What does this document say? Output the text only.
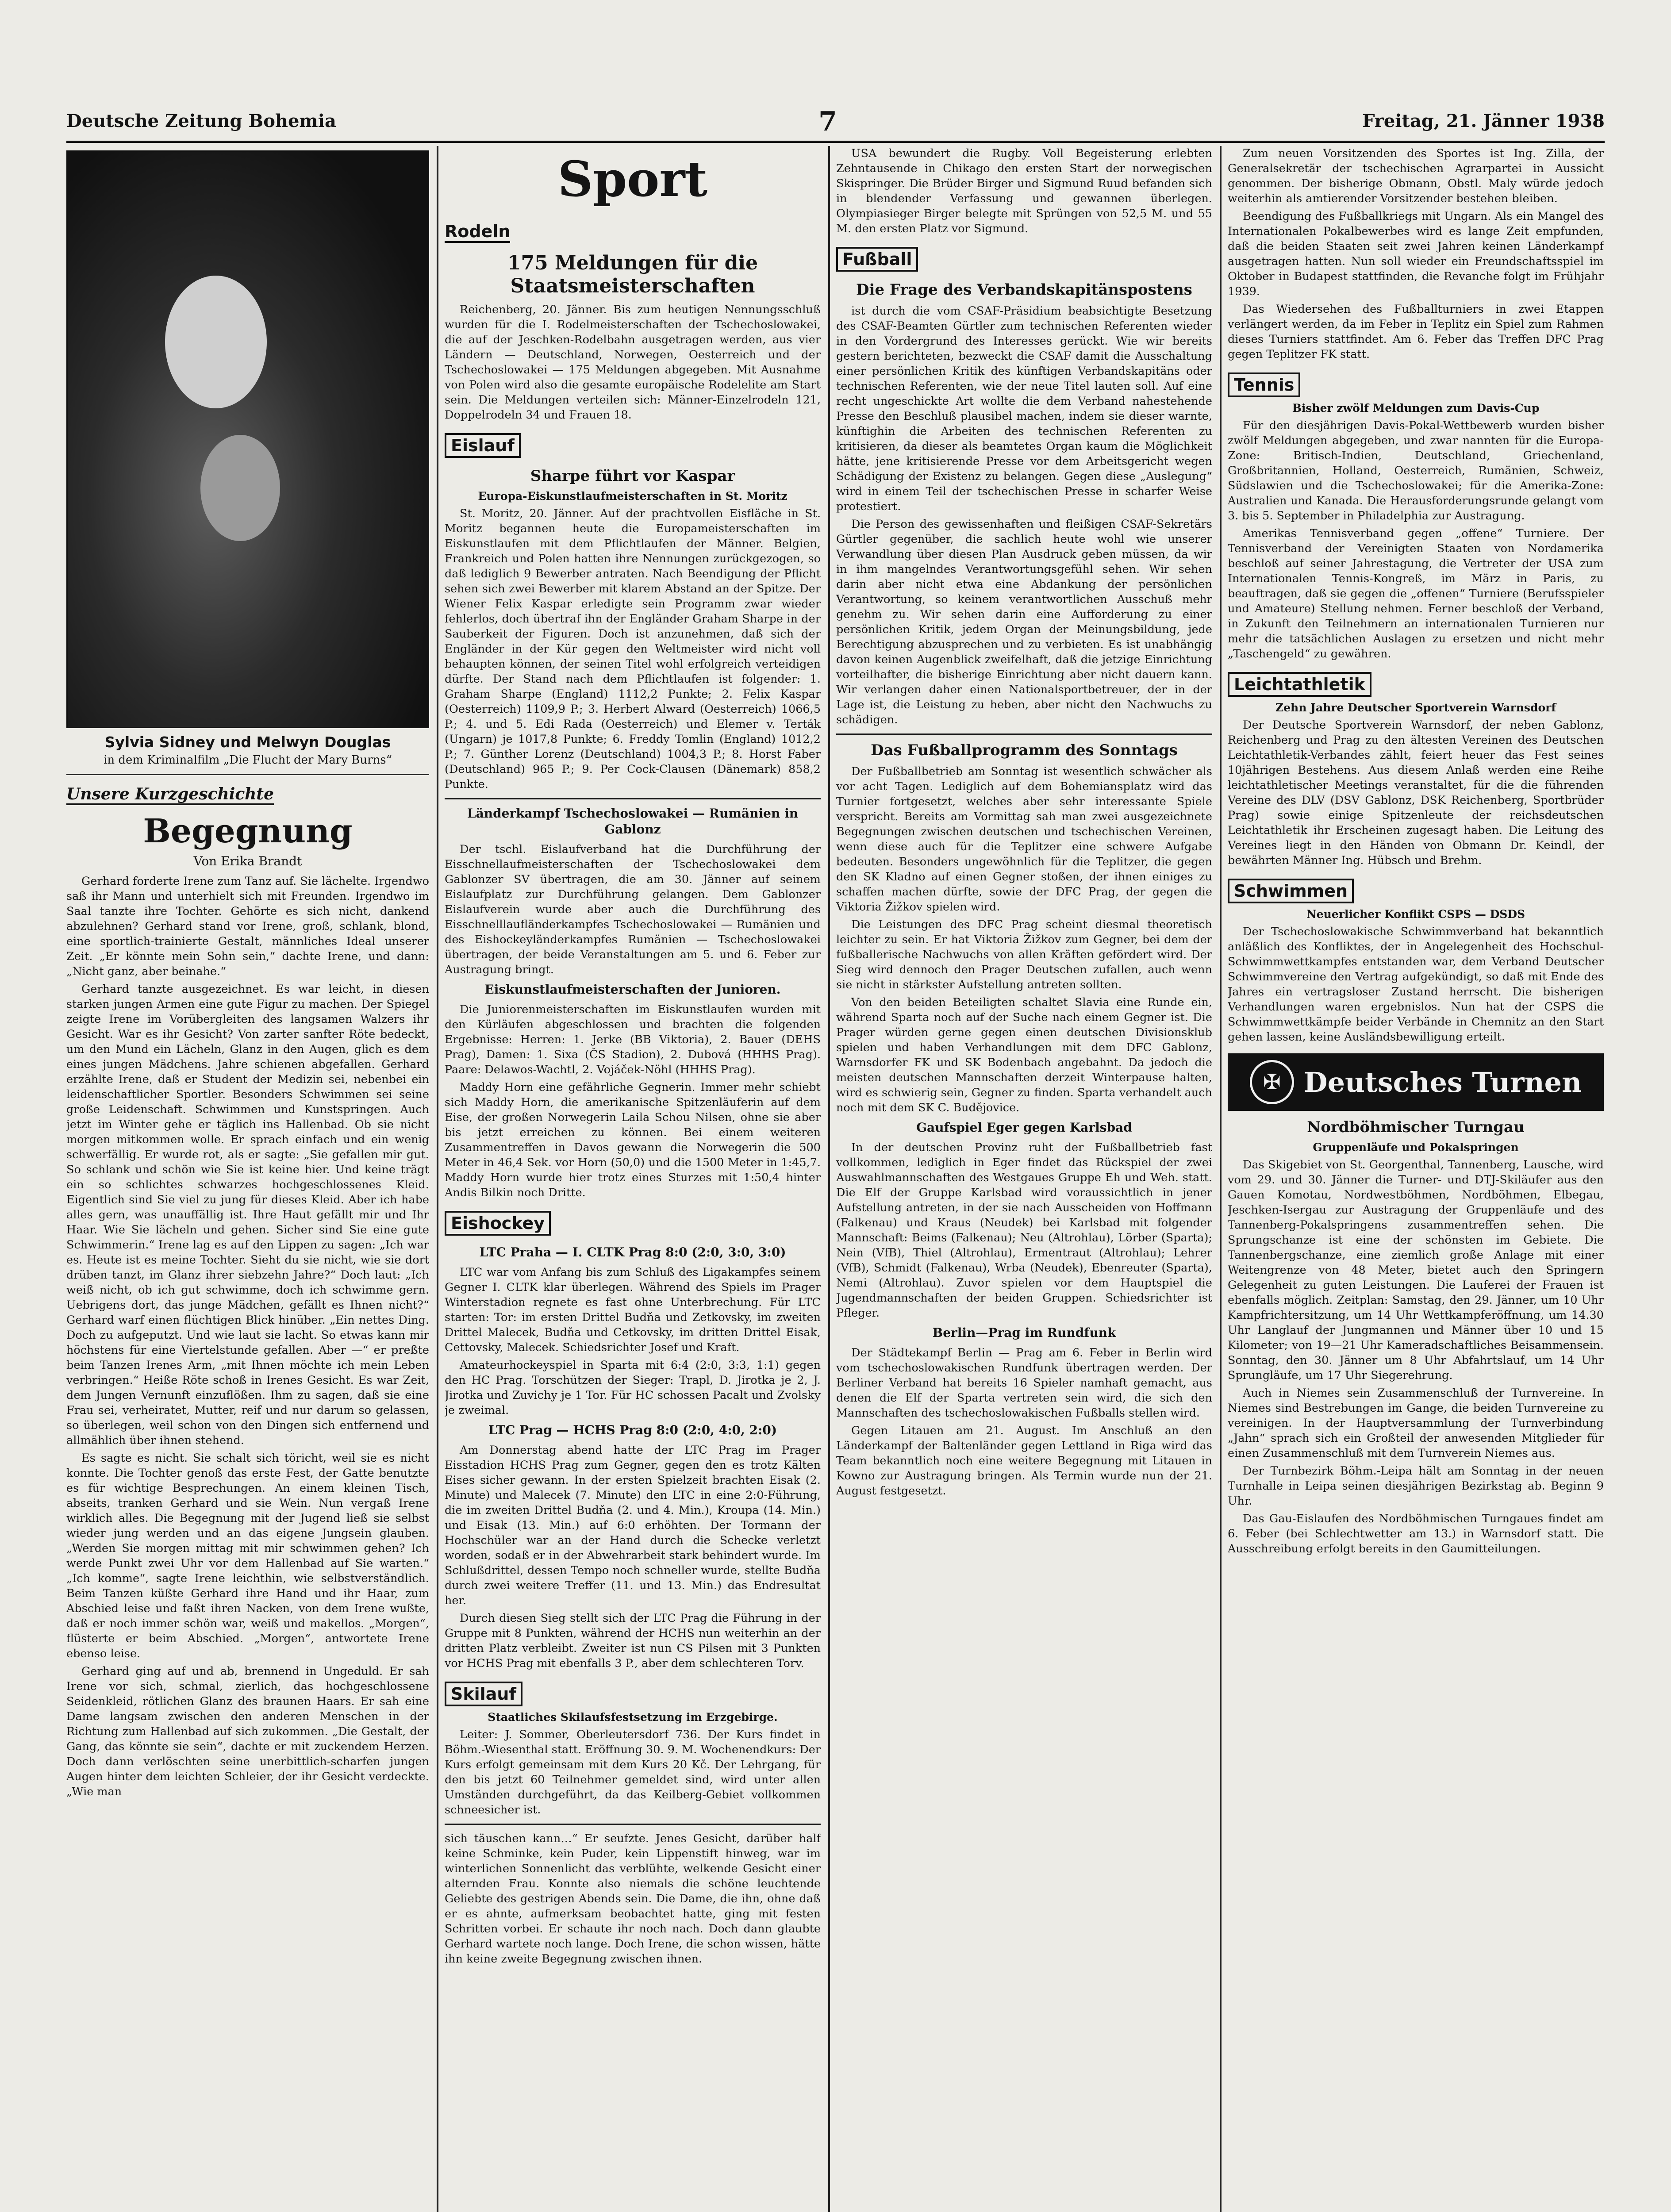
Deutsche Zeitung Bohemia	7	Freitag, 21. Jänner 1938
Sylvia Sidney und Melwyn Douglas
in dem Kriminalfilm „Die Flucht der Mary Burns“
Unsere Kurzgeschichte
Begegnung
Von Erika Brandt

Gerhard forderte Irene zum Tanz auf. Sie lächelte. Irgendwo saß ihr Mann und unterhielt sich mit Freunden. Irgendwo im Saal tanzte ihre Tochter. Gehörte es sich nicht, dankend abzulehnen? Gerhard stand vor Irene, groß, schlank, blond, eine sportlich-trainierte Gestalt, männliches Ideal unserer Zeit. „Er könnte mein Sohn sein,“ dachte Irene, und dann: „Nicht ganz, aber beinahe.“

Gerhard tanzte ausgezeichnet. Es war leicht, in diesen starken jungen Armen eine gute Figur zu machen. Der Spiegel zeigte Irene im Vorübergleiten des langsamen Walzers ihr Gesicht. War es ihr Gesicht? Von zarter sanfter Röte bedeckt, um den Mund ein Lächeln, Glanz in den Augen, glich es dem eines jungen Mädchens. Jahre schienen abgefallen. Gerhard erzählte Irene, daß er Student der Medizin sei, nebenbei ein leidenschaftlicher Sportler. Besonders Schwimmen sei seine große Leidenschaft. Schwimmen und Kunstspringen. Auch jetzt im Winter gehe er täglich ins Hallenbad. Ob sie nicht morgen mitkommen wolle. Er sprach einfach und ein wenig schwerfällig. Er wurde rot, als er sagte: „Sie gefallen mir gut. So schlank und schön wie Sie ist keine hier. Und keine trägt ein so schlichtes schwarzes hochgeschlossenes Kleid. Eigentlich sind Sie viel zu jung für dieses Kleid. Aber ich habe alles gern, was unauffällig ist. Ihre Haut gefällt mir und Ihr Haar. Wie Sie lächeln und gehen. Sicher sind Sie eine gute Schwimmerin.“ Irene lag es auf den Lippen zu sagen: „Ich war es. Heute ist es meine Tochter. Sieht du sie nicht, wie sie dort drüben tanzt, im Glanz ihrer siebzehn Jahre?“ Doch laut: „Ich weiß nicht, ob ich gut schwimme, doch ich schwimme gern. Uebrigens dort, das junge Mädchen, gefällt es Ihnen nicht?“ Gerhard warf einen flüchtigen Blick hinüber. „Ein nettes Ding. Doch zu aufgeputzt. Und wie laut sie lacht. So etwas kann mir höchstens für eine Viertelstunde gefallen. Aber —“ er preßte beim Tanzen Irenes Arm, „mit Ihnen möchte ich mein Leben verbringen.“ Heiße Röte schoß in Irenes Gesicht. Es war Zeit, dem Jungen Vernunft einzuflößen. Ihm zu sagen, daß sie eine Frau sei, verheiratet, Mutter, reif und nur darum so gelassen, so überlegen, weil schon von den Dingen sich entfernend und allmählich über ihnen stehend.

Es sagte es nicht. Sie schalt sich töricht, weil sie es nicht konnte. Die Tochter genoß das erste Fest, der Gatte benutzte es für wichtige Besprechungen. An einem kleinen Tisch, abseits, tranken Gerhard und sie Wein. Nun vergaß Irene wirklich alles. Die Begegnung mit der Jugend ließ sie selbst wieder jung werden und an das eigene Jungsein glauben. „Werden Sie morgen mittag mit mir schwimmen gehen? Ich werde Punkt zwei Uhr vor dem Hallenbad auf Sie warten.“ „Ich komme“, sagte Irene leichthin, wie selbstverständlich. Beim Tanzen küßte Gerhard ihre Hand und ihr Haar, zum Abschied leise und faßt ihren Nacken, von dem Irene wußte, daß er noch immer schön war, weiß und makellos. „Morgen“, flüsterte er beim Abschied. „Morgen“, antwortete Irene ebenso leise.

Gerhard ging auf und ab, brennend in Ungeduld. Er sah Irene vor sich, schmal, zierlich, das hochgeschlossene Seidenkleid, rötlichen Glanz des braunen Haars. Er sah eine Dame langsam zwischen den anderen Menschen in der Richtung zum Hallenbad auf sich zukommen. „Die Gestalt, der Gang, das könnte sie sein“, dachte er mit zuckendem Herzen. Doch dann verlöschten seine unerbittlich-scharfen jungen Augen hinter dem leichten Schleier, der ihr Gesicht verdeckte. „Wie man

Sport
Rodeln
175 Meldungen für die Staatsmeisterschaften

Reichenberg, 20. Jänner. Bis zum heutigen Nennungsschluß wurden für die I. Rodelmeisterschaften der Tschechoslowakei, die auf der Jeschken-Rodelbahn ausgetragen werden, aus vier Ländern — Deutschland, Norwegen, Oesterreich und der Tschechoslowakei — 175 Meldungen abgegeben. Mit Ausnahme von Polen wird also die gesamte europäische Rodelelite am Start sein. Die Meldungen verteilen sich: Männer-Einzelrodeln 121, Doppelrodeln 34 und Frauen 18.

Eislauf
Sharpe führt vor Kaspar
Europa-Eiskunstlaufmeisterschaften in St. Moritz

St. Moritz, 20. Jänner. Auf der prachtvollen Eisfläche in St. Moritz begannen heute die Europameisterschaften im Eiskunstlaufen mit dem Pflichtlaufen der Männer. Belgien, Frankreich und Polen hatten ihre Nennungen zurückgezogen, so daß lediglich 9 Bewerber antraten. Nach Beendigung der Pflicht sehen sich zwei Bewerber mit klarem Abstand an der Spitze. Der Wiener Felix Kaspar erledigte sein Programm zwar wieder fehlerlos, doch übertraf ihn der Engländer Graham Sharpe in der Sauberkeit der Figuren. Doch ist anzunehmen, daß sich der Engländer in der Kür gegen den Weltmeister wird nicht voll behaupten können, der seinen Titel wohl erfolgreich verteidigen dürfte. Der Stand nach dem Pflichtlaufen ist folgender: 1. Graham Sharpe (England) 1112,2 Punkte; 2. Felix Kaspar (Oesterreich) 1109,9 P.; 3. Herbert Alward (Oesterreich) 1066,5 P.; 4. und 5. Edi Rada (Oesterreich) und Elemer v. Terták (Ungarn) je 1017,8 Punkte; 6. Freddy Tomlin (England) 1012,2 P.; 7. Günther Lorenz (Deutschland) 1004,3 P.; 8. Horst Faber (Deutschland) 965 P.; 9. Per Cock-Clausen (Dänemark) 858,2 Punkte.

Länderkampf Tschechoslowakei — Rumänien in Gablonz

Der tschl. Eislaufverband hat die Durchführung der Eisschnellaufmeisterschaften der Tschechoslowakei dem Gablonzer SV übertragen, die am 30. Jänner auf seinem Eislaufplatz zur Durchführung gelangen. Dem Gablonzer Eislaufverein wurde aber auch die Durchführung des Eisschnelllaufländerkampfes Tschechoslowakei — Rumänien und des Eishockeyländerkampfes Rumänien — Tschechoslowakei übertragen, der beide Veranstaltungen am 5. und 6. Feber zur Austragung bringt.

Eiskunstlaufmeisterschaften der Junioren.

Die Juniorenmeisterschaften im Eiskunstlaufen wurden mit den Kürläufen abgeschlossen und brachten die folgenden Ergebnisse: Herren: 1. Jerke (BB Viktoria), 2. Bauer (DEHS Prag), Damen: 1. Sixa (ČS Stadion), 2. Dubová (HHHS Prag). Paare: Delawos-Wachtl, 2. Vojáček-Nöhl (HHHS Prag).

Maddy Horn eine gefährliche Gegnerin. Immer mehr schiebt sich Maddy Horn, die amerikanische Spitzenläuferin auf dem Eise, der großen Norwegerin Laila Schou Nilsen, ohne sie aber bis jetzt erreichen zu können. Bei einem weiteren Zusammentreffen in Davos gewann die Norwegerin die 500 Meter in 46,4 Sek. vor Horn (50,0) und die 1500 Meter in 1:45,7. Maddy Horn wurde hier trotz eines Sturzes mit 1:50,4 hinter Andis Bilkin noch Dritte.

Eishockey
LTC Praha — I. CLTK Prag 8:0 (2:0, 3:0, 3:0)

LTC war vom Anfang bis zum Schluß des Ligakampfes seinem Gegner I. CLTK klar überlegen. Während des Spiels im Prager Winterstadion regnete es fast ohne Unterbrechung. Für LTC starten: Tor: im ersten Drittel Budňa und Zetkovsky, im zweiten Drittel Malecek, Budňa und Cetkovsky, im dritten Drittel Eisak, Cettovsky, Malecek. Schiedsrichter Josef und Kraft.

Amateurhockeyspiel in Sparta mit 6:4 (2:0, 3:3, 1:1) gegen den HC Prag. Torschützen der Sieger: Trapl, D. Jirotka je 2, J. Jirotka und Zuvichy je 1 Tor. Für HC schossen Pacalt und Zvolsky je zweimal.

LTC Prag — HCHS Prag 8:0 (2:0, 4:0, 2:0)

Am Donnerstag abend hatte der LTC Prag im Prager Eisstadion HCHS Prag zum Gegner, gegen den es trotz Kälten Eises sicher gewann. In der ersten Spielzeit brachten Eisak (2. Minute) und Malecek (7. Minute) den LTC in eine 2:0-Führung, die im zweiten Drittel Budňa (2. und 4. Min.), Kroupa (14. Min.) und Eisak (13. Min.) auf 6:0 erhöhten. Der Tormann der Hochschüler war an der Hand durch die Schecke verletzt worden, sodaß er in der Abwehrarbeit stark behindert wurde. Im Schlußdrittel, dessen Tempo noch schneller wurde, stellte Budňa durch zwei weitere Treffer (11. und 13. Min.) das Endresultat her.

Durch diesen Sieg stellt sich der LTC Prag die Führung in der Gruppe mit 8 Punkten, während der HCHS nun weiterhin an der dritten Platz verbleibt. Zweiter ist nun CS Pilsen mit 3 Punkten vor HCHS Prag mit ebenfalls 3 P., aber dem schlechteren Torv.

Skilauf
Staatliches Skilaufsfestsetzung im Erzgebirge.

Leiter: J. Sommer, Oberleutersdorf 736. Der Kurs findet in Böhm.-Wiesenthal statt. Eröffnung 30. 9. M. Wochenendkurs: Der Kurs erfolgt gemeinsam mit dem Kurs 20 Kč. Der Lehrgang, für den bis jetzt 60 Teilnehmer gemeldet sind, wird unter allen Umständen durchgeführt, da das Keilberg-Gebiet vollkommen schneesicher ist.

sich täuschen kann…“ Er seufzte. Jenes Gesicht, darüber half keine Schminke, kein Puder, kein Lippenstift hinweg, war im winterlichen Sonnenlicht das verblühte, welkende Gesicht einer alternden Frau. Konnte also niemals die schöne leuchtende Geliebte des gestrigen Abends sein. Die Dame, die ihn, ohne daß er es ahnte, aufmerksam beobachtet hatte, ging mit festen Schritten vorbei. Er schaute ihr noch nach. Doch dann glaubte Gerhard wartete noch lange. Doch Irene, die schon wissen, hätte ihn keine zweite Begegnung zwischen ihnen.

USA bewundert die Rugby. Voll Begeisterung erlebten Zehntausende in Chikago den ersten Start der norwegischen Skispringer. Die Brüder Birger und Sigmund Ruud befanden sich in blendender Verfassung und gewannen überlegen. Olympiasieger Birger belegte mit Sprüngen von 52,5 M. und 55 M. den ersten Platz vor Sigmund.

Fußball
Die Frage des Verbandskapitänspostens

ist durch die vom CSAF-Präsidium beabsichtigte Besetzung des CSAF-Beamten Gürtler zum technischen Referenten wieder in den Vordergrund des Interesses gerückt. Wie wir bereits gestern berichteten, bezweckt die CSAF damit die Ausschaltung einer persönlichen Kritik des künftigen Verbandskapitäns oder technischen Referenten, wie der neue Titel lauten soll. Auf eine recht ungeschickte Art wollte die dem Verband nahestehende Presse den Beschluß plausibel machen, indem sie dieser warnte, künftighin die Arbeiten des technischen Referenten zu kritisieren, da dieser als beamtetes Organ kaum die Möglichkeit hätte, jene kritisierende Presse vor dem Arbeitsgericht wegen Schädigung der Existenz zu belangen. Gegen diese „Auslegung“ wird in einem Teil der tschechischen Presse in scharfer Weise protestiert.

Die Person des gewissenhaften und fleißigen CSAF-Sekretärs Gürtler gegenüber, die sachlich heute wohl wie unserer Verwandlung über diesen Plan Ausdruck geben müssen, da wir in ihm mangelndes Verantwortungsgefühl sehen. Wir sehen darin aber nicht etwa eine Abdankung der persönlichen Verantwortung, so keinem verantwortlichen Ausschuß mehr genehm zu. Wir sehen darin eine Aufforderung zu einer persönlichen Kritik, jedem Organ der Meinungsbildung, jede Berechtigung abzusprechen und zu verbieten. Es ist unabhängig davon keinen Augenblick zweifelhaft, daß die jetzige Einrichtung vorteilhafter, die bisherige Einrichtung aber nicht dauern kann. Wir verlangen daher einen Nationalsportbetreuer, der in der Lage ist, die Leistung zu heben, aber nicht den Nachwuchs zu schädigen.

Das Fußballprogramm des Sonntags

Der Fußballbetrieb am Sonntag ist wesentlich schwächer als vor acht Tagen. Lediglich auf dem Bohemiansplatz wird das Turnier fortgesetzt, welches aber sehr interessante Spiele verspricht. Bereits am Vormittag sah man zwei ausgezeichnete Begegnungen zwischen deutschen und tschechischen Vereinen, wenn diese auch für die Teplitzer eine schwere Aufgabe bedeuten. Besonders ungewöhnlich für die Teplitzer, die gegen den SK Kladno auf einen Gegner stoßen, der ihnen einiges zu schaffen machen dürfte, sowie der DFC Prag, der gegen die Viktoria Žižkov spielen wird.

Die Leistungen des DFC Prag scheint diesmal theoretisch leichter zu sein. Er hat Viktoria Žižkov zum Gegner, bei dem der fußballerische Nachwuchs von allen Kräften gefördert wird. Der Sieg wird dennoch den Prager Deutschen zufallen, auch wenn sie nicht in stärkster Aufstellung antreten sollten.

Von den beiden Beteiligten schaltet Slavia eine Runde ein, während Sparta noch auf der Suche nach einem Gegner ist. Die Prager würden gerne gegen einen deutschen Divisionsklub spielen und haben Verhandlungen mit dem DFC Gablonz, Warnsdorfer FK und SK Bodenbach angebahnt. Da jedoch die meisten deutschen Mannschaften derzeit Winterpause halten, wird es schwierig sein, Gegner zu finden. Sparta verhandelt auch noch mit dem SK C. Budějovice.

Gaufspiel Eger gegen Karlsbad

In der deutschen Provinz ruht der Fußballbetrieb fast vollkommen, lediglich in Eger findet das Rückspiel der zwei Auswahlmannschaften des Westgaues Gruppe Eh und Weh. statt. Die Elf der Gruppe Karlsbad wird voraussichtlich in jener Aufstellung antreten, in der sie nach Ausscheiden von Hoffmann (Falkenau) und Kraus (Neudek) bei Karlsbad mit folgender Mannschaft: Beims (Falkenau); Neu (Altrohlau), Lörber (Sparta); Nein (VfB), Thiel (Altrohlau), Ermentraut (Altrohlau); Lehrer (VfB), Schmidt (Falkenau), Wrba (Neudek), Ebenreuter (Sparta), Nemi (Altrohlau). Zuvor spielen vor dem Hauptspiel die Jugendmannschaften der beiden Gruppen. Schiedsrichter ist Pfleger.

Berlin—Prag im Rundfunk

Der Städtekampf Berlin — Prag am 6. Feber in Berlin wird vom tschechoslowakischen Rundfunk übertragen werden. Der Berliner Verband hat bereits 16 Spieler namhaft gemacht, aus denen die Elf der Sparta vertreten sein wird, die sich den Mannschaften des tschechoslowakischen Fußballs stellen wird.

Gegen Litauen am 21. August. Im Anschluß an den Länderkampf der Baltenländer gegen Lettland in Riga wird das Team bekanntlich noch eine weitere Begegnung mit Litauen in Kowno zur Austragung bringen. Als Termin wurde nun der 21. August festgesetzt.

Zum neuen Vorsitzenden des Sportes ist Ing. Zilla, der Generalsekretär der tschechischen Agrarpartei in Aussicht genommen. Der bisherige Obmann, Obstl. Maly würde jedoch weiterhin als amtierender Vorsitzender bestehen bleiben.

Beendigung des Fußballkriegs mit Ungarn. Als ein Mangel des Internationalen Pokalbewerbes wird es lange Zeit empfunden, daß die beiden Staaten seit zwei Jahren keinen Länderkampf ausgetragen hatten. Nun soll wieder ein Freundschaftsspiel im Oktober in Budapest stattfinden, die Revanche folgt im Frühjahr 1939.

Das Wiedersehen des Fußballturniers in zwei Etappen verlängert werden, da im Feber in Teplitz ein Spiel zum Rahmen dieses Turniers stattfindet. Am 6. Feber das Treffen DFC Prag gegen Teplitzer FK statt.

Tennis
Bisher zwölf Meldungen zum Davis-Cup

Für den diesjährigen Davis-Pokal-Wettbewerb wurden bisher zwölf Meldungen abgegeben, und zwar nannten für die Europa-Zone: Britisch-Indien, Deutschland, Griechenland, Großbritannien, Holland, Oesterreich, Rumänien, Schweiz, Südslawien und die Tschechoslowakei; für die Amerika-Zone: Australien und Kanada. Die Herausforderungsrunde gelangt vom 3. bis 5. September in Philadelphia zur Austragung.

Amerikas Tennisverband gegen „offene“ Turniere. Der Tennisverband der Vereinigten Staaten von Nordamerika beschloß auf seiner Jahrestagung, die Vertreter der USA zum Internationalen Tennis-Kongreß, im März in Paris, zu beauftragen, daß sie gegen die „offenen“ Turniere (Berufsspieler und Amateure) Stellung nehmen. Ferner beschloß der Verband, in Zukunft den Teilnehmern an internationalen Turnieren nur mehr die tatsächlichen Auslagen zu ersetzen und nicht mehr „Taschengeld“ zu gewähren.

Leichtathletik
Zehn Jahre Deutscher Sportverein Warnsdorf

Der Deutsche Sportverein Warnsdorf, der neben Gablonz, Reichenberg und Prag zu den ältesten Vereinen des Deutschen Leichtathletik-Verbandes zählt, feiert heuer das Fest seines 10jährigen Bestehens. Aus diesem Anlaß werden eine Reihe leichtathletischer Meetings veranstaltet, für die die führenden Vereine des DLV (DSV Gablonz, DSK Reichenberg, Sportbrüder Prag) sowie einige Spitzenleute der reichsdeutschen Leichtathletik ihr Erscheinen zugesagt haben. Die Leitung des Vereines liegt in den Händen von Obmann Dr. Keindl, der bewährten Männer Ing. Hübsch und Brehm.

Schwimmen
Neuerlicher Konflikt CSPS — DSDS

Der Tschechoslowakische Schwimmverband hat bekanntlich anläßlich des Konfliktes, der in Angelegenheit des Hochschul-Schwimmwettkampfes entstanden war, dem Verband Deutscher Schwimmvereine den Vertrag aufgekündigt, so daß mit Ende des Jahres ein vertragsloser Zustand herrscht. Die bisherigen Verhandlungen waren ergebnislos. Nun hat der CSPS die Schwimmwettkämpfe beider Verbände in Chemnitz an den Start gehen lassen, keine Ausländsbewilligung erteilt.

✠ Deutsches Turnen
Nordböhmischer Turngau
Gruppenläufe und Pokalspringen

Das Skigebiet von St. Georgenthal, Tannenberg, Lausche, wird vom 29. und 30. Jänner die Turner- und DTJ-Skiläufer aus den Gauen Komotau, Nordwestböhmen, Nordböhmen, Elbegau, Jeschken-Isergau zur Austragung der Gruppenläufe und des Tannenberg-Pokalspringens zusammentreffen sehen. Die Sprungschanze ist eine der schönsten im Gebiete. Die Tannenbergschanze, eine ziemlich große Anlage mit einer Weitengrenze von 48 Meter, bietet auch den Springern Gelegenheit zu guten Leistungen. Die Lauferei der Frauen ist ebenfalls möglich. Zeitplan: Samstag, den 29. Jänner, um 10 Uhr Kampfrichtersitzung, um 14 Uhr Wettkampferöffnung, um 14.30 Uhr Langlauf der Jungmannen und Männer über 10 und 15 Kilometer; von 19—21 Uhr Kameradschaftliches Beisammensein. Sonntag, den 30. Jänner um 8 Uhr Abfahrtslauf, um 14 Uhr Sprungläufe, um 17 Uhr Siegerehrung.

Auch in Niemes sein Zusammenschluß der Turnvereine. In Niemes sind Bestrebungen im Gange, die beiden Turnvereine zu vereinigen. In der Hauptversammlung der Turnverbindung „Jahn“ sprach sich ein Großteil der anwesenden Mitglieder für einen Zusammenschluß mit dem Turnverein Niemes aus.

Der Turnbezirk Böhm.-Leipa hält am Sonntag in der neuen Turnhalle in Leipa seinen diesjährigen Bezirkstag ab. Beginn 9 Uhr.

Das Gau-Eislaufen des Nordböhmischen Turngaues findet am 6. Feber (bei Schlechtwetter am 13.) in Warnsdorf statt. Die Ausschreibung erfolgt bereits in den Gaumitteilungen.
